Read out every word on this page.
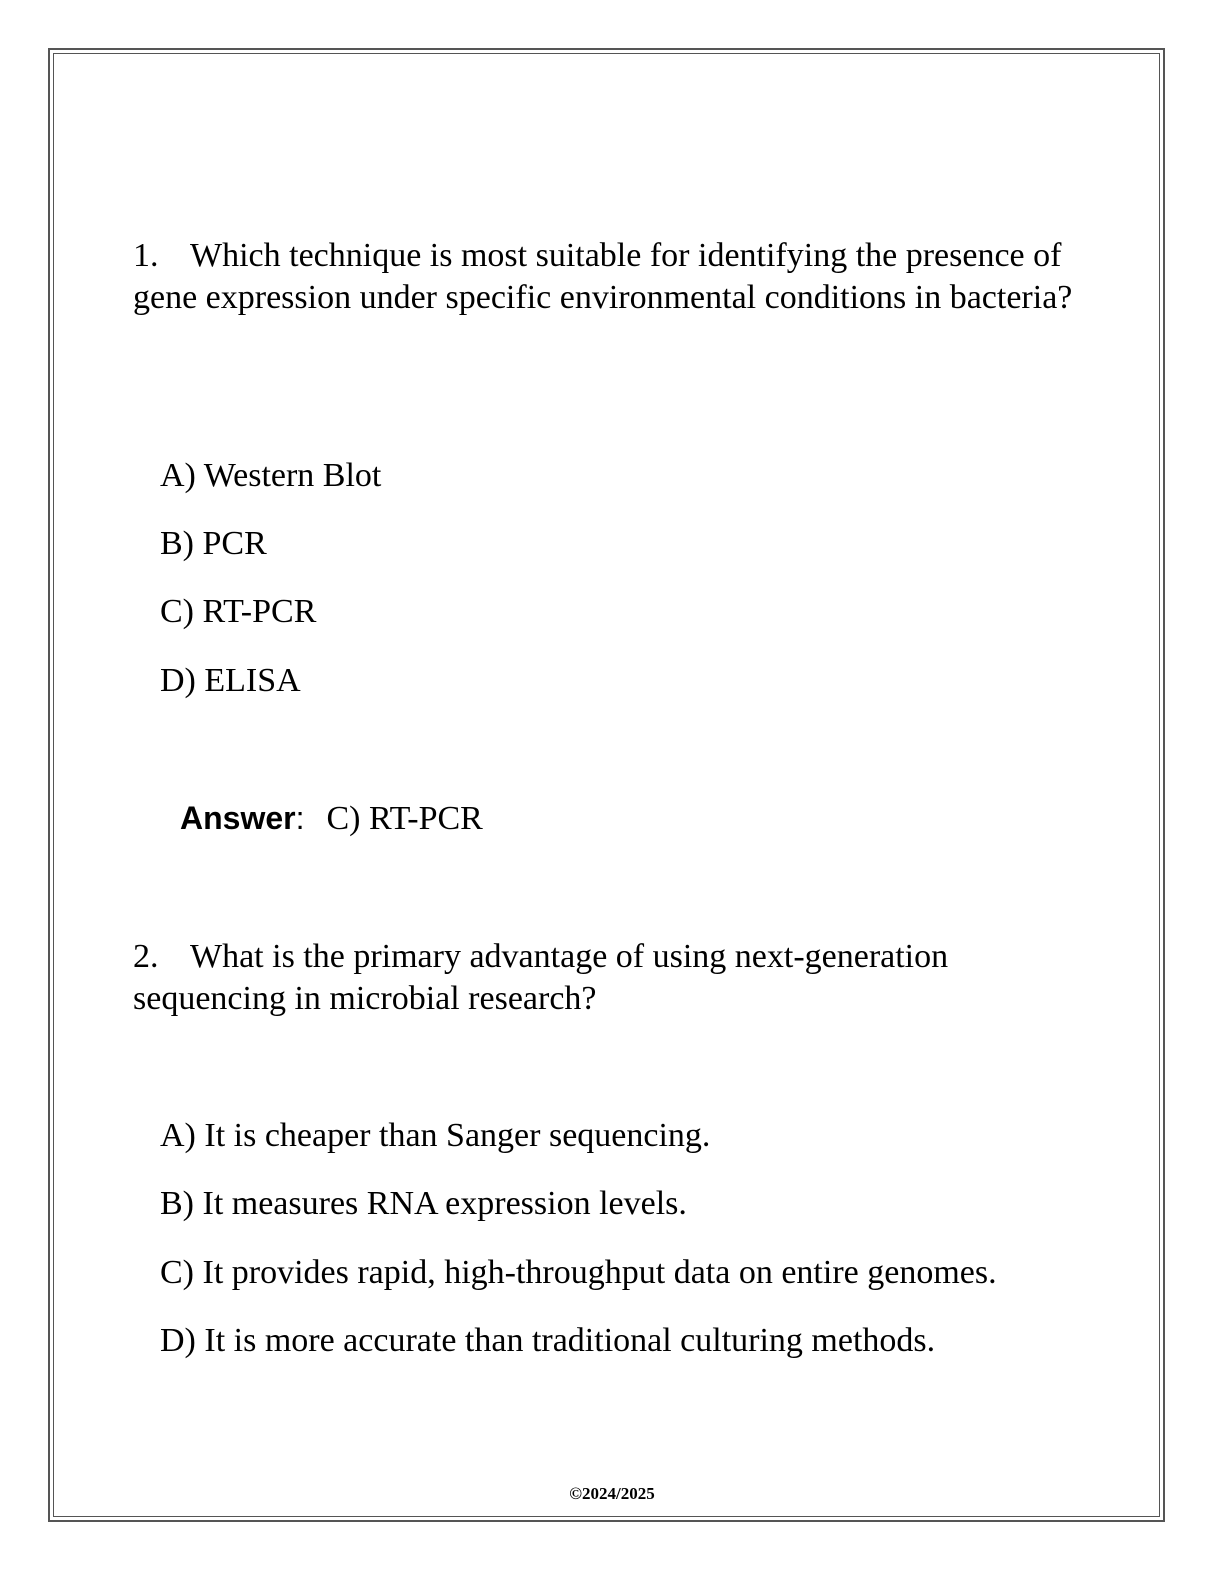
1. Which technique is most suitable for identifying the presence of gene expression under specific environmental conditions in bacteria?

A) Western Blot

B) PCR

C) RT-PCR

D) ELISA

Answer: C) RT-PCR

2. What is the primary advantage of using next-generation sequencing in microbial research?

A) It is cheaper than Sanger sequencing.

B) It measures RNA expression levels.

C) It provides rapid, high-throughput data on entire genomes.

D) It is more accurate than traditional culturing methods.

©2024/2025
